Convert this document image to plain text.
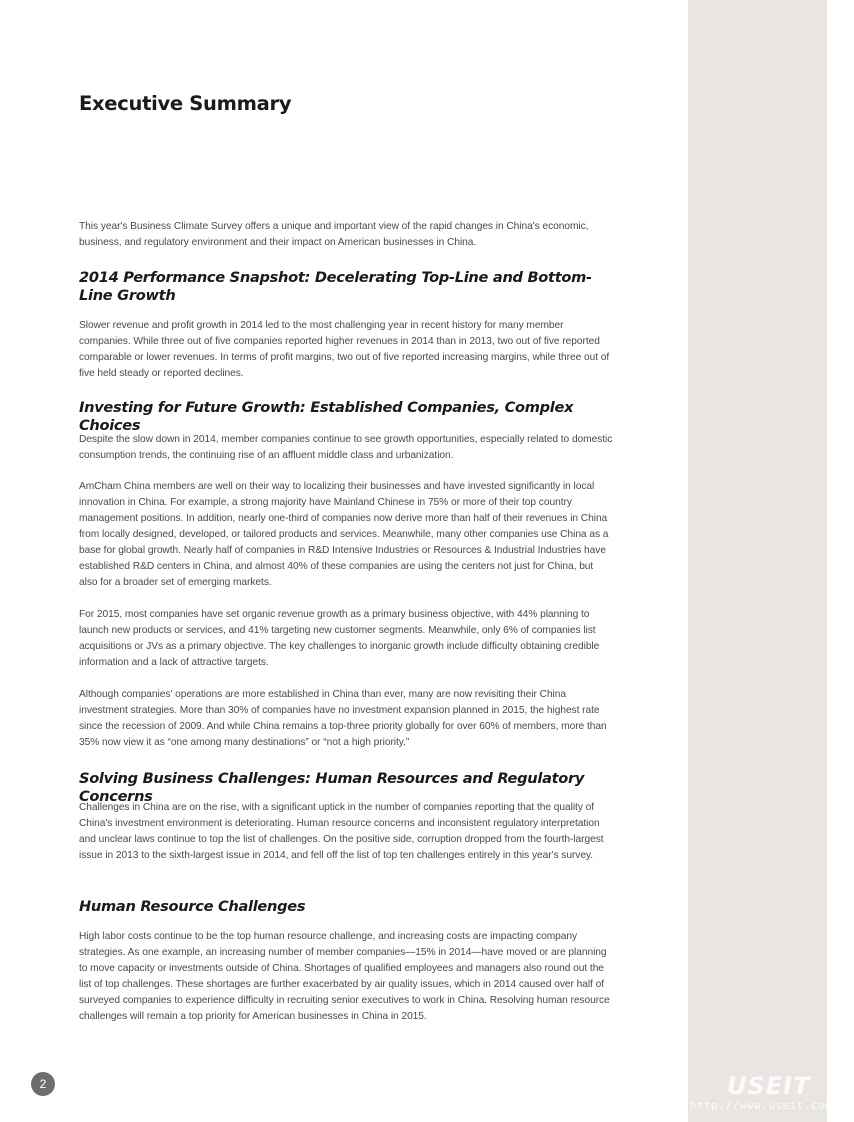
Executive Summary

This year's Business Climate Survey offers a unique and important view of the rapid changes in China's economic, business, and regulatory environment and their impact on American businesses in China.

2014 Performance Snapshot: Decelerating Top-Line and Bottom-Line Growth

Slower revenue and profit growth in 2014 led to the most challenging year in recent history for many member companies. While three out of five companies reported higher revenues in 2014 than in 2013, two out of five reported comparable or lower revenues. In terms of profit margins, two out of five reported increasing margins, while three out of five held steady or reported declines.

Investing for Future Growth: Established Companies, Complex Choices

Despite the slow down in 2014, member companies continue to see growth opportunities, especially related to domestic consumption trends, the continuing rise of an affluent middle class and urbanization.

AmCham China members are well on their way to localizing their businesses and have invested significantly in local innovation in China. For example, a strong majority have Mainland Chinese in 75% or more of their top country management positions. In addition, nearly one-third of companies now derive more than half of their revenues in China from locally designed, developed, or tailored products and services. Meanwhile, many other companies use China as a base for global growth. Nearly half of companies in R&D Intensive Industries or Resources & Industrial Industries have established R&D centers in China, and almost 40% of these companies are using the centers not just for China, but also for a broader set of emerging markets.

For 2015, most companies have set organic revenue growth as a primary business objective, with 44% planning to launch new products or services, and 41% targeting new customer segments. Meanwhile, only 6% of companies list acquisitions or JVs as a primary objective. The key challenges to inorganic growth include difficulty obtaining credible information and a lack of attractive targets.

Although companies' operations are more established in China than ever, many are now revisiting their China investment strategies. More than 30% of companies have no investment expansion planned in 2015, the highest rate since the recession of 2009. And while China remains a top-three priority globally for over 60% of members, more than 35% now view it as “one among many destinations” or “not a high priority.”

Solving Business Challenges: Human Resources and Regulatory Concerns

Challenges in China are on the rise, with a significant uptick in the number of companies reporting that the quality of China's investment environment is deteriorating. Human resource concerns and inconsistent regulatory interpretation and unclear laws continue to top the list of challenges. On the positive side, corruption dropped from the fourth-largest issue in 2013 to the sixth-largest issue in 2014, and fell off the list of top ten challenges entirely in this year's survey.

Human Resource Challenges

High labor costs continue to be the top human resource challenge, and increasing costs are impacting company strategies. As one example, an increasing number of member companies—15% in 2014—have moved or are planning to move capacity or investments outside of China. Shortages of qualified employees and managers also round out the list of top challenges. These shortages are further exacerbated by air quality issues, which in 2014 caused over half of surveyed companies to experience difficulty in recruiting senior executives to work in China. Resolving human resource challenges will remain a top priority for American businesses in China in 2015.

2	USEIT
http://www.useit.com.cn
